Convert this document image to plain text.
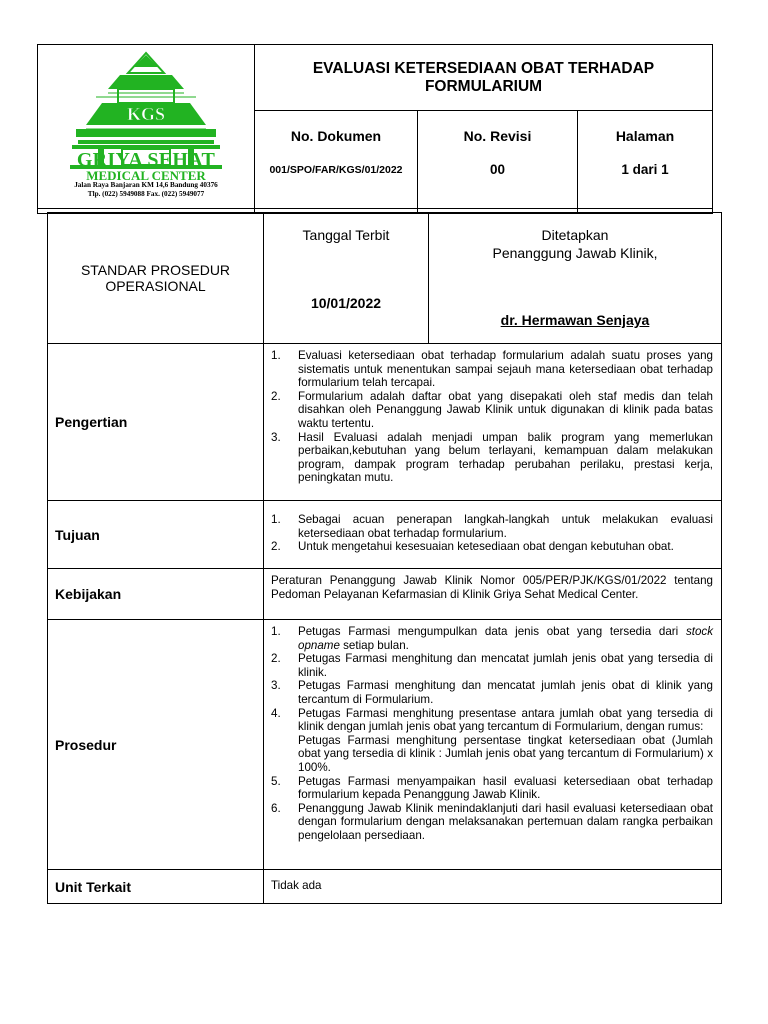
KGS
GRIYA SEHAT
MEDICAL CENTER
Jalan Raya Banjaran KM 14,6 Bandung 40376
Tlp. (022) 5949088 Fax. (022) 5949077
EVALUASI KETERSEDIAAN OBAT TERHADAP
FORMULARIUM
No. Dokumen
001/SPO/FAR/KGS/01/2022
No. Revisi
00
Halaman
1 dari 1
STANDAR PROSEDUR
OPERASIONAL
Tanggal Terbit
10/01/2022
Ditetapkan
Penanggung Jawab Klinik,
dr. Hermawan Senjaya
Pengertian
1. Evaluasi ketersediaan obat terhadap formularium adalah suatu proses yang sistematis untuk menentukan sampai sejauh mana ketersediaan obat terhadap formularium telah tercapai.
2. Formularium adalah daftar obat yang disepakati oleh staf medis dan telah disahkan oleh Penanggung Jawab Klinik untuk digunakan di klinik pada batas waktu tertentu.
3. Hasil Evaluasi adalah menjadi umpan balik program yang memerlukan perbaikan,kebutuhan yang belum terlayani, kemampuan dalam melakukan program, dampak program terhadap perubahan perilaku, prestasi kerja, peningkatan mutu.
Tujuan
1. Sebagai acuan penerapan langkah-langkah untuk melakukan evaluasi ketersediaan obat terhadap formularium.
2. Untuk mengetahui kesesuaian ketesediaan obat dengan kebutuhan obat.
Kebijakan
Peraturan Penanggung Jawab Klinik Nomor 005/PER/PJK/KGS/01/2022 tentang Pedoman Pelayanan Kefarmasian di Klinik Griya Sehat Medical Center.
Prosedur
1. Petugas Farmasi mengumpulkan data jenis obat yang tersedia dari stock opname setiap bulan.
2. Petugas Farmasi menghitung dan mencatat jumlah jenis obat yang tersedia di klinik.
3. Petugas Farmasi menghitung dan mencatat jumlah jenis obat di klinik yang tercantum di Formularium.
4. Petugas Farmasi menghitung presentase antara jumlah obat yang tersedia di klinik dengan jumlah jenis obat yang tercantum di Formularium, dengan rumus:
Petugas Farmasi menghitung persentase tingkat ketersediaan obat (Jumlah obat yang tersedia di klinik : Jumlah jenis obat yang tercantum di Formularium) x 100%.
5. Petugas Farmasi menyampaikan hasil evaluasi ketersediaan obat terhadap formularium kepada Penanggung Jawab Klinik.
6. Penanggung Jawab Klinik menindaklanjuti dari hasil evaluasi ketersediaan obat dengan formularium dengan melaksanakan pertemuan dalam rangka perbaikan pengelolaan persediaan.
Unit Terkait	Tidak ada
